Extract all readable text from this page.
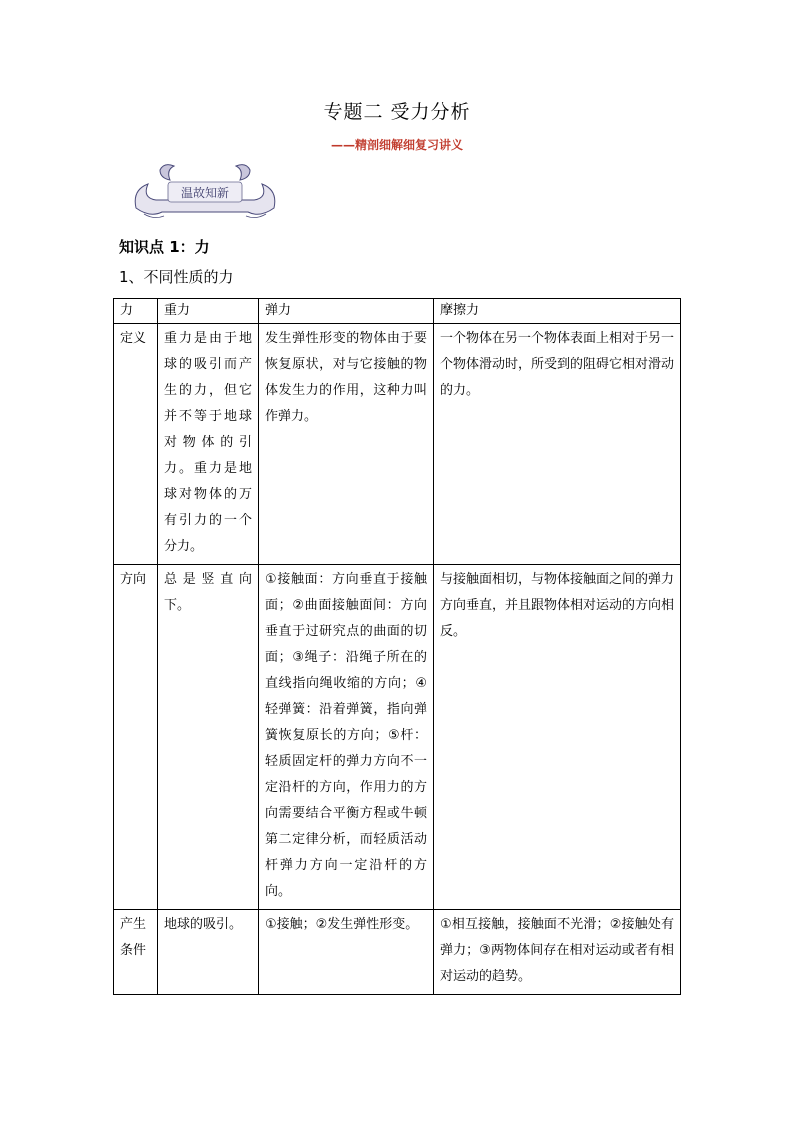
专题二 受力分析
——精剖细解细复习讲义
温故知新
知识点 1：力
1、不同性质的力
力	重力	弹力	摩擦力
定义	重力是由于地球的吸引而产生的力，但它并不等于地球对物体的引力。重力是地球对物体的万有引力的一个分力。	发生弹性形变的物体由于要恢复原状，对与它接触的物体发生力的作用，这种力叫作弹力。	一个物体在另一个物体表面上相对于另一个物体滑动时，所受到的阻碍它相对滑动的力。
方向	总是竖直向下。	①接触面：方向垂直于接触面；②曲面接触面间：方向垂直于过研究点的曲面的切面；③绳子：沿绳子所在的直线指向绳收缩的方向；④轻弹簧：沿着弹簧，指向弹簧恢复原长的方向；⑤杆：轻质固定杆的弹力方向不一定沿杆的方向，作用力的方向需要结合平衡方程或牛顿第二定律分析，而轻质活动杆弹力方向一定沿杆的方向。	与接触面相切，与物体接触面之间的弹力方向垂直，并且跟物体相对运动的方向相反。
产生条件	地球的吸引。	①接触；②发生弹性形变。	①相互接触，接触面不光滑；②接触处有弹力；③两物体间存在相对运动或者有相对运动的趋势。
